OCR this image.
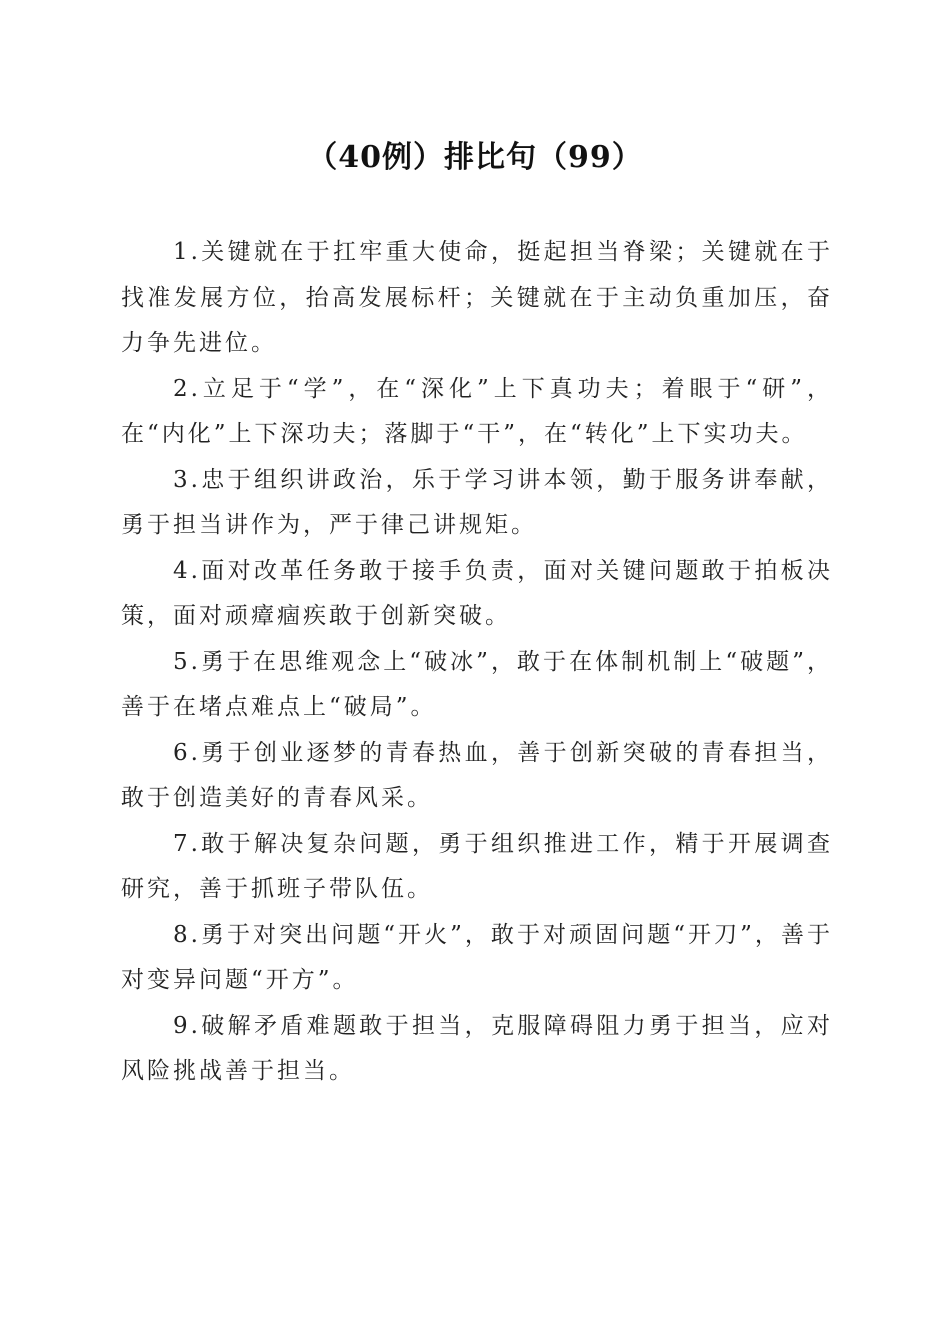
（40例）排比句（99）

1.关键就在于扛牢重大使命，挺起担当脊梁；关键就在于找准发展方位，抬高发展标杆；关键就在于主动负重加压，奋力争先进位。

2.立足于“学”，在“深化”上下真功夫；着眼于“研”，在“内化”上下深功夫；落脚于“干”，在“转化”上下实功夫。

3.忠于组织讲政治，乐于学习讲本领，勤于服务讲奉献，勇于担当讲作为，严于律己讲规矩。

4.面对改革任务敢于接手负责，面对关键问题敢于拍板决策，面对顽瘴痼疾敢于创新突破。

5.勇于在思维观念上“破冰”，敢于在体制机制上“破题”，善于在堵点难点上“破局”。

6.勇于创业逐梦的青春热血，善于创新突破的青春担当，敢于创造美好的青春风采。

7.敢于解决复杂问题，勇于组织推进工作，精于开展调查研究，善于抓班子带队伍。

8.勇于对突出问题“开火”，敢于对顽固问题“开刀”，善于对变异问题“开方”。

9.破解矛盾难题敢于担当，克服障碍阻力勇于担当，应对风险挑战善于担当。
